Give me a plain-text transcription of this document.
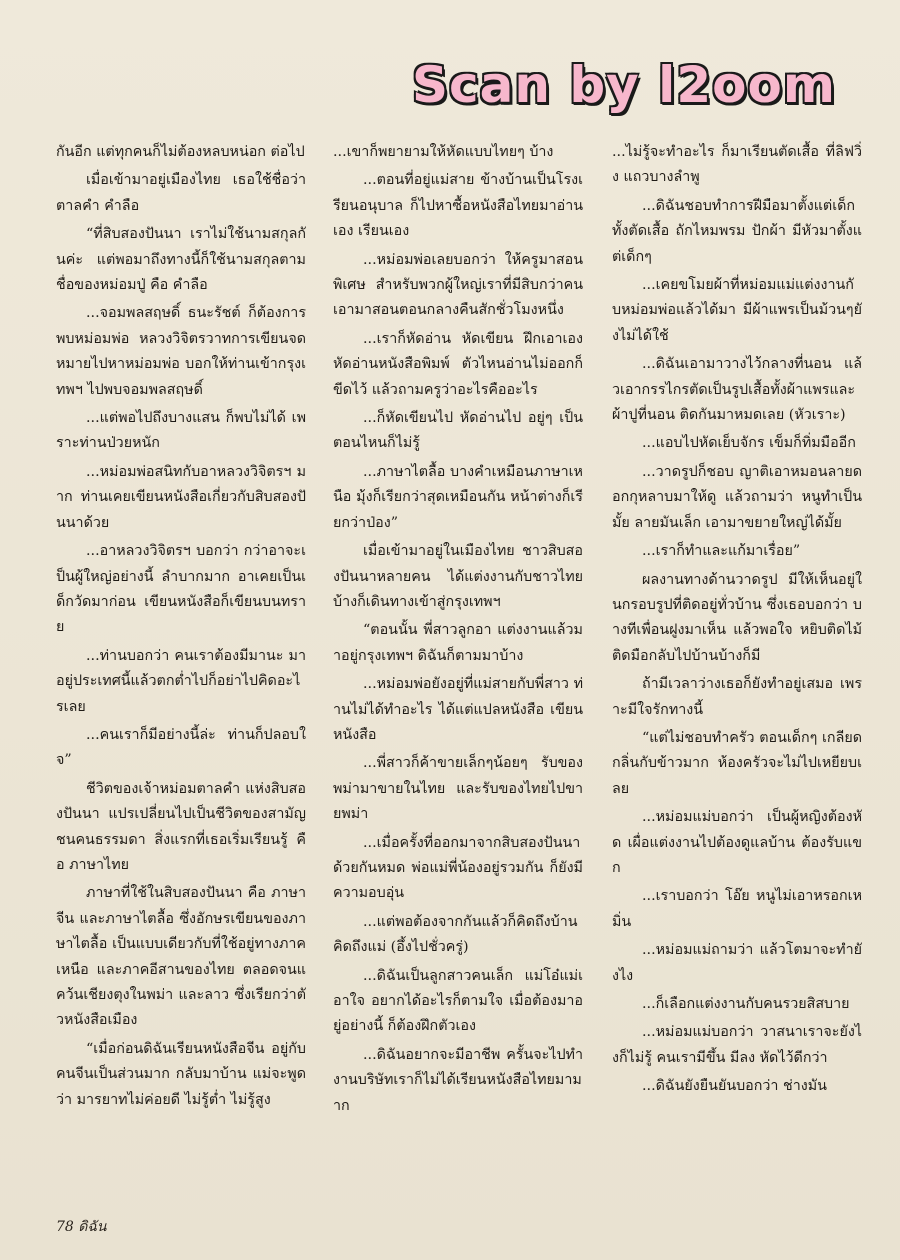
Scan by l2oom

กันอีก แต่ทุกคนก็ไม่ต้องหลบหน่อก ต่อไป

เมื่อเข้ามาอยู่เมืองไทย เธอใช้ชื่อว่า ตาลคำ คำลือ

“ที่สิบสองปันนา เราไม่ใช้นามสกุลกันค่ะ แต่พอมาถึงทางนี้ก็ใช้นามสกุลตามชื่อของหม่อมปู่ คือ คำลือ

...จอมพลสฤษดิ์ ธนะรัชต์ ก็ต้องการพบหม่อมพ่อ หลวงวิจิตรวาทการเขียนจดหมายไปหาหม่อมพ่อ บอกให้ท่านเข้ากรุงเทพฯ ไปพบจอมพลสฤษดิ์

...แต่พอไปถึงบางแสน ก็พบไม่ได้ เพราะท่านป่วยหนัก

...หม่อมพ่อสนิทกับอาหลวงวิจิตรฯ มาก ท่านเคยเขียนหนังสือเกี่ยวกับสิบสองปันนาด้วย

...อาหลวงวิจิตรฯ บอกว่า กว่าอาจะเป็นผู้ใหญ่อย่างนี้ ลำบากมาก อาเคยเป็นเด็กวัดมาก่อน เขียนหนังสือก็เขียนบนทราย

...ท่านบอกว่า คนเราต้องมีมานะ มาอยู่ประเทศนี้แล้วตกต่ำไปก็อย่าไปคิดอะไรเลย

...คนเราก็มีอย่างนี้ล่ะ ท่านก็ปลอบใจ”

ชีวิตของเจ้าหม่อมตาลคำ แห่งสิบสองปันนา แปรเปลี่ยนไปเป็นชีวิตของสามัญชนคนธรรมดา สิ่งแรกที่เธอเริ่มเรียนรู้ คือ ภาษาไทย

ภาษาที่ใช้ในสิบสองปันนา คือ ภาษาจีน และภาษาไตลื้อ ซึ่งอักษรเขียนของภาษาไตลื้อ เป็นแบบเดียวกับที่ใช้อยู่ทางภาคเหนือ และภาคอีสานของไทย ตลอดจนแคว้นเชียงตุงในพม่า และลาว ซึ่งเรียกว่าตัวหนังสือเมือง

“เมื่อก่อนดิฉันเรียนหนังสือจีน อยู่กับคนจีนเป็นส่วนมาก กลับมาบ้าน แม่จะพูดว่า มารยาทไม่ค่อยดี ไม่รู้ต่ำ ไม่รู้สูง

...เขาก็พยายามให้หัดแบบไทยๆ บ้าง

...ตอนที่อยู่แม่สาย ข้างบ้านเป็นโรงเรียนอนุบาล ก็ไปหาซื้อหนังสือไทยมาอ่านเอง เรียนเอง

...หม่อมพ่อเลยบอกว่า ให้ครูมาสอนพิเศษ สำหรับพวกผู้ใหญ่เราที่มีสิบกว่าคน เอามาสอนตอนกลางคืนสักชั่วโมงหนึ่ง

...เราก็หัดอ่าน หัดเขียน ฝึกเอาเอง หัดอ่านหนังสือพิมพ์ ตัวไหนอ่านไม่ออกก็ขีดไว้ แล้วถามครูว่าอะไรคืออะไร

...ก็หัดเขียนไป หัดอ่านไป อยู่ๆ เป็นตอนไหนก็ไม่รู้

...ภาษาไตลื้อ บางคำเหมือนภาษาเหนือ มุ้งก็เรียกว่าสุดเหมือนกัน หน้าต่างก็เรียกว่าป่อง”

เมื่อเข้ามาอยู่ในเมืองไทย ชาวสิบสองปันนาหลายคน ได้แต่งงานกับชาวไทย บ้างก็เดินทางเข้าสู่กรุงเทพฯ

“ตอนนั้น พี่สาวลูกอา แต่งงานแล้วมาอยู่กรุงเทพฯ ดิฉันก็ตามมาบ้าง

...หม่อมพ่อยังอยู่ที่แม่สายกับพี่สาว ท่านไม่ได้ทำอะไร ได้แต่แปลหนังสือ เขียนหนังสือ

...พี่สาวก็ค้าขายเล็กๆน้อยๆ รับของพม่ามาขายในไทย และรับของไทยไปขายพม่า

...เมื่อครั้งที่ออกมาจากสิบสองปันนาด้วยกันหมด พ่อแม่พี่น้องอยู่รวมกัน ก็ยังมีความอบอุ่น

...แต่พอต้องจากกันแล้วก็คิดถึงบ้าน คิดถึงแม่ (อึ้งไปชั่วครู่)

...ดิฉันเป็นลูกสาวคนเล็ก แม่โอ๋แม่เอาใจ อยากได้อะไรก็ตามใจ เมื่อต้องมาอยู่อย่างนี้ ก็ต้องฝึกตัวเอง

...ดิฉันอยากจะมีอาชีพ ครั้นจะไปทำงานบริษัทเราก็ไม่ได้เรียนหนังสือไทยมามาก

...ไม่รู้จะทำอะไร ก็มาเรียนตัดเสื้อ ที่ลิฟวิ่ง แถวบางลำพู

...ดิฉันชอบทำการฝีมือมาตั้งแต่เด็ก ทั้งตัดเสื้อ ถักไหมพรม ปักผ้า มีหัวมาตั้งแต่เด็กๆ

...เคยขโมยผ้าที่หม่อมแม่แต่งงานกับหม่อมพ่อแล้วได้มา มีผ้าแพรเป็นม้วนๆยังไม่ได้ใช้

...ดิฉันเอามาวางไว้กลางที่นอน แล้วเอากรรไกรตัดเป็นรูปเสื้อทั้งผ้าแพรและผ้าปูที่นอน ติดกันมาหมดเลย (หัวเราะ)

...แอบไปหัดเย็บจักร เข็มก็ทิ่มมืออีก

...วาดรูปก็ชอบ ญาติเอาหมอนลายดอกกุหลาบมาให้ดู แล้วถามว่า หนูทำเป็นมั้ย ลายมันเล็ก เอามาขยายใหญ่ได้มั้ย

...เราก็ทำและแก้มาเรื่อย”

ผลงานทางด้านวาดรูป มีให้เห็นอยู่ในกรอบรูปที่ติดอยู่ทั่วบ้าน ซึ่งเธอบอกว่า บางทีเพื่อนฝูงมาเห็น แล้วพอใจ หยิบติดไม้ติดมือกลับไปบ้านบ้างก็มี

ถ้ามีเวลาว่างเธอก็ยังทำอยู่เสมอ เพราะมีใจรักทางนี้

“แต่ไม่ชอบทำครัว ตอนเด็กๆ เกลียดกลิ่นกับข้าวมาก ห้องครัวจะไม่ไปเหยียบเลย

...หม่อมแม่บอกว่า เป็นผู้หญิงต้องหัด เผื่อแต่งงานไปต้องดูแลบ้าน ต้องรับแขก

...เราบอกว่า โอ๊ย หนูไม่เอาหรอกเหมิ่น

...หม่อมแม่ถามว่า แล้วโตมาจะทำยังไง

...ก็เลือกแต่งงานกับคนรวยสิสบาย

...หม่อมแม่บอกว่า วาสนาเราจะยังไงก็ไม่รู้ คนเรามีขึ้น มีลง หัดไว้ดีกว่า

...ดิฉันยังยืนยันบอกว่า ช่างมัน

78 ดิฉัน
